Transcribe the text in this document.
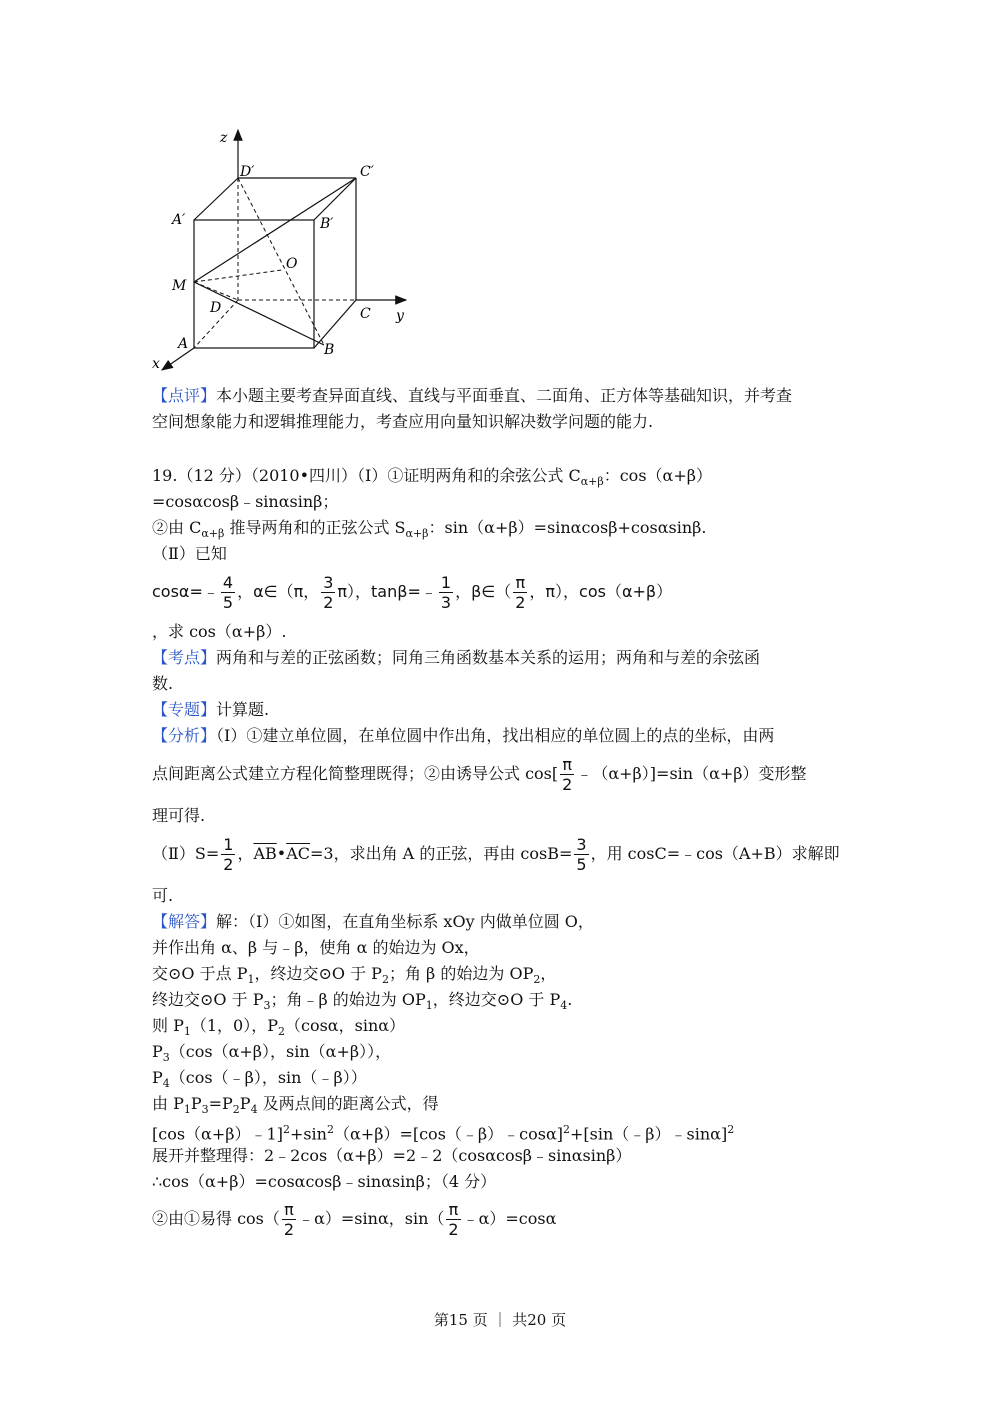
z
D′	C′
A′	B′
O
M
D	C y
A	B
x
【点评】本小题主要考查异面直线、直线与平面垂直、二面角、正方体等基础知识，并考查
空间想象能力和逻辑推理能力，考查应用向量知识解决数学问题的能力.
19.（12 分）（2010•四川）（Ⅰ）①证明两角和的余弦公式 $C_{\alpha+\beta}$：cos（α+β）
=cosαcosβ﹣sinαsinβ；
②由 $C_{\alpha+\beta}$ 推导两角和的正弦公式 $S_{\alpha+\beta}$：sin（α+β）=sinαcosβ+cosαsinβ.
（Ⅱ）已知
cosα=﹣ $\frac{4}{5}$ ，α∈（π， $\frac{3}{2} \pi$），tanβ=﹣ $\frac{1}{3}$ ，β∈（ $\frac{\pi}{2}$ ，π），cos（α+β）
，求 cos（α+β）.
【考点】两角和与差的正弦函数；同角三角函数基本关系的运用；两角和与差的余弦函
数.
【专题】计算题.
【分析】（Ⅰ）①建立单位圆，在单位圆中作出角，找出相应的单位圆上的点的坐标，由两
点间距离公式建立方程化简整理既得；②由诱导公式 $\cos[ \frac{\pi}{2}$ ﹣（α+β）]=sin（α+β）变形整
理可得.
（Ⅱ）S= $\frac{1}{2}$ ，$\overline{AB}•\overline{AC}=3$，求出角 A 的正弦，再由 $\cos B= \frac{3}{5}$ ，用 cosC=﹣cos（A+B）求解即
可.
【解答】解：（Ⅰ）①如图，在直角坐标系 xOy 内做单位圆 O，
并作出角 α、β 与﹣β，使角 α 的始边为 Ox，
交⊙O 于点 $P_1$，终边交⊙O 于 $P_2$；角 β 的始边为 $OP_2$，
终边交⊙O 于 $P_3$；角﹣β 的始边为 $OP_1$，终边交⊙O 于 $P_4$.
则 $P_1(1$，0），$P_2(\cos\alpha$，sinα）
$P_3(\cos(\alpha+\beta)$，sin（α+β）），
$P_4(\cos(﹣\beta)$，sin（﹣β））
由 $P_1P_3=P_2P_4$ 及两点间的距离公式，得
$[\cos(\alpha+\beta)﹣1]^2+\sin^2(\alpha+\beta)=[\cos(﹣\beta)﹣\cos\alpha]^2+[\sin(﹣\beta)﹣\sin\alpha]^2$
展开并整理得：2﹣2cos（α+β）=2﹣2（cosαcosβ﹣sinαsinβ）
∴cos（α+β）=cosαcosβ﹣sinαsinβ；（4 分）
②由①易得 $\cos( \frac{\pi}{2}$ ﹣α）=sinα，$\sin( \frac{\pi}{2}$ ﹣α）=cosα
第15 页 ｜ 共20 页
